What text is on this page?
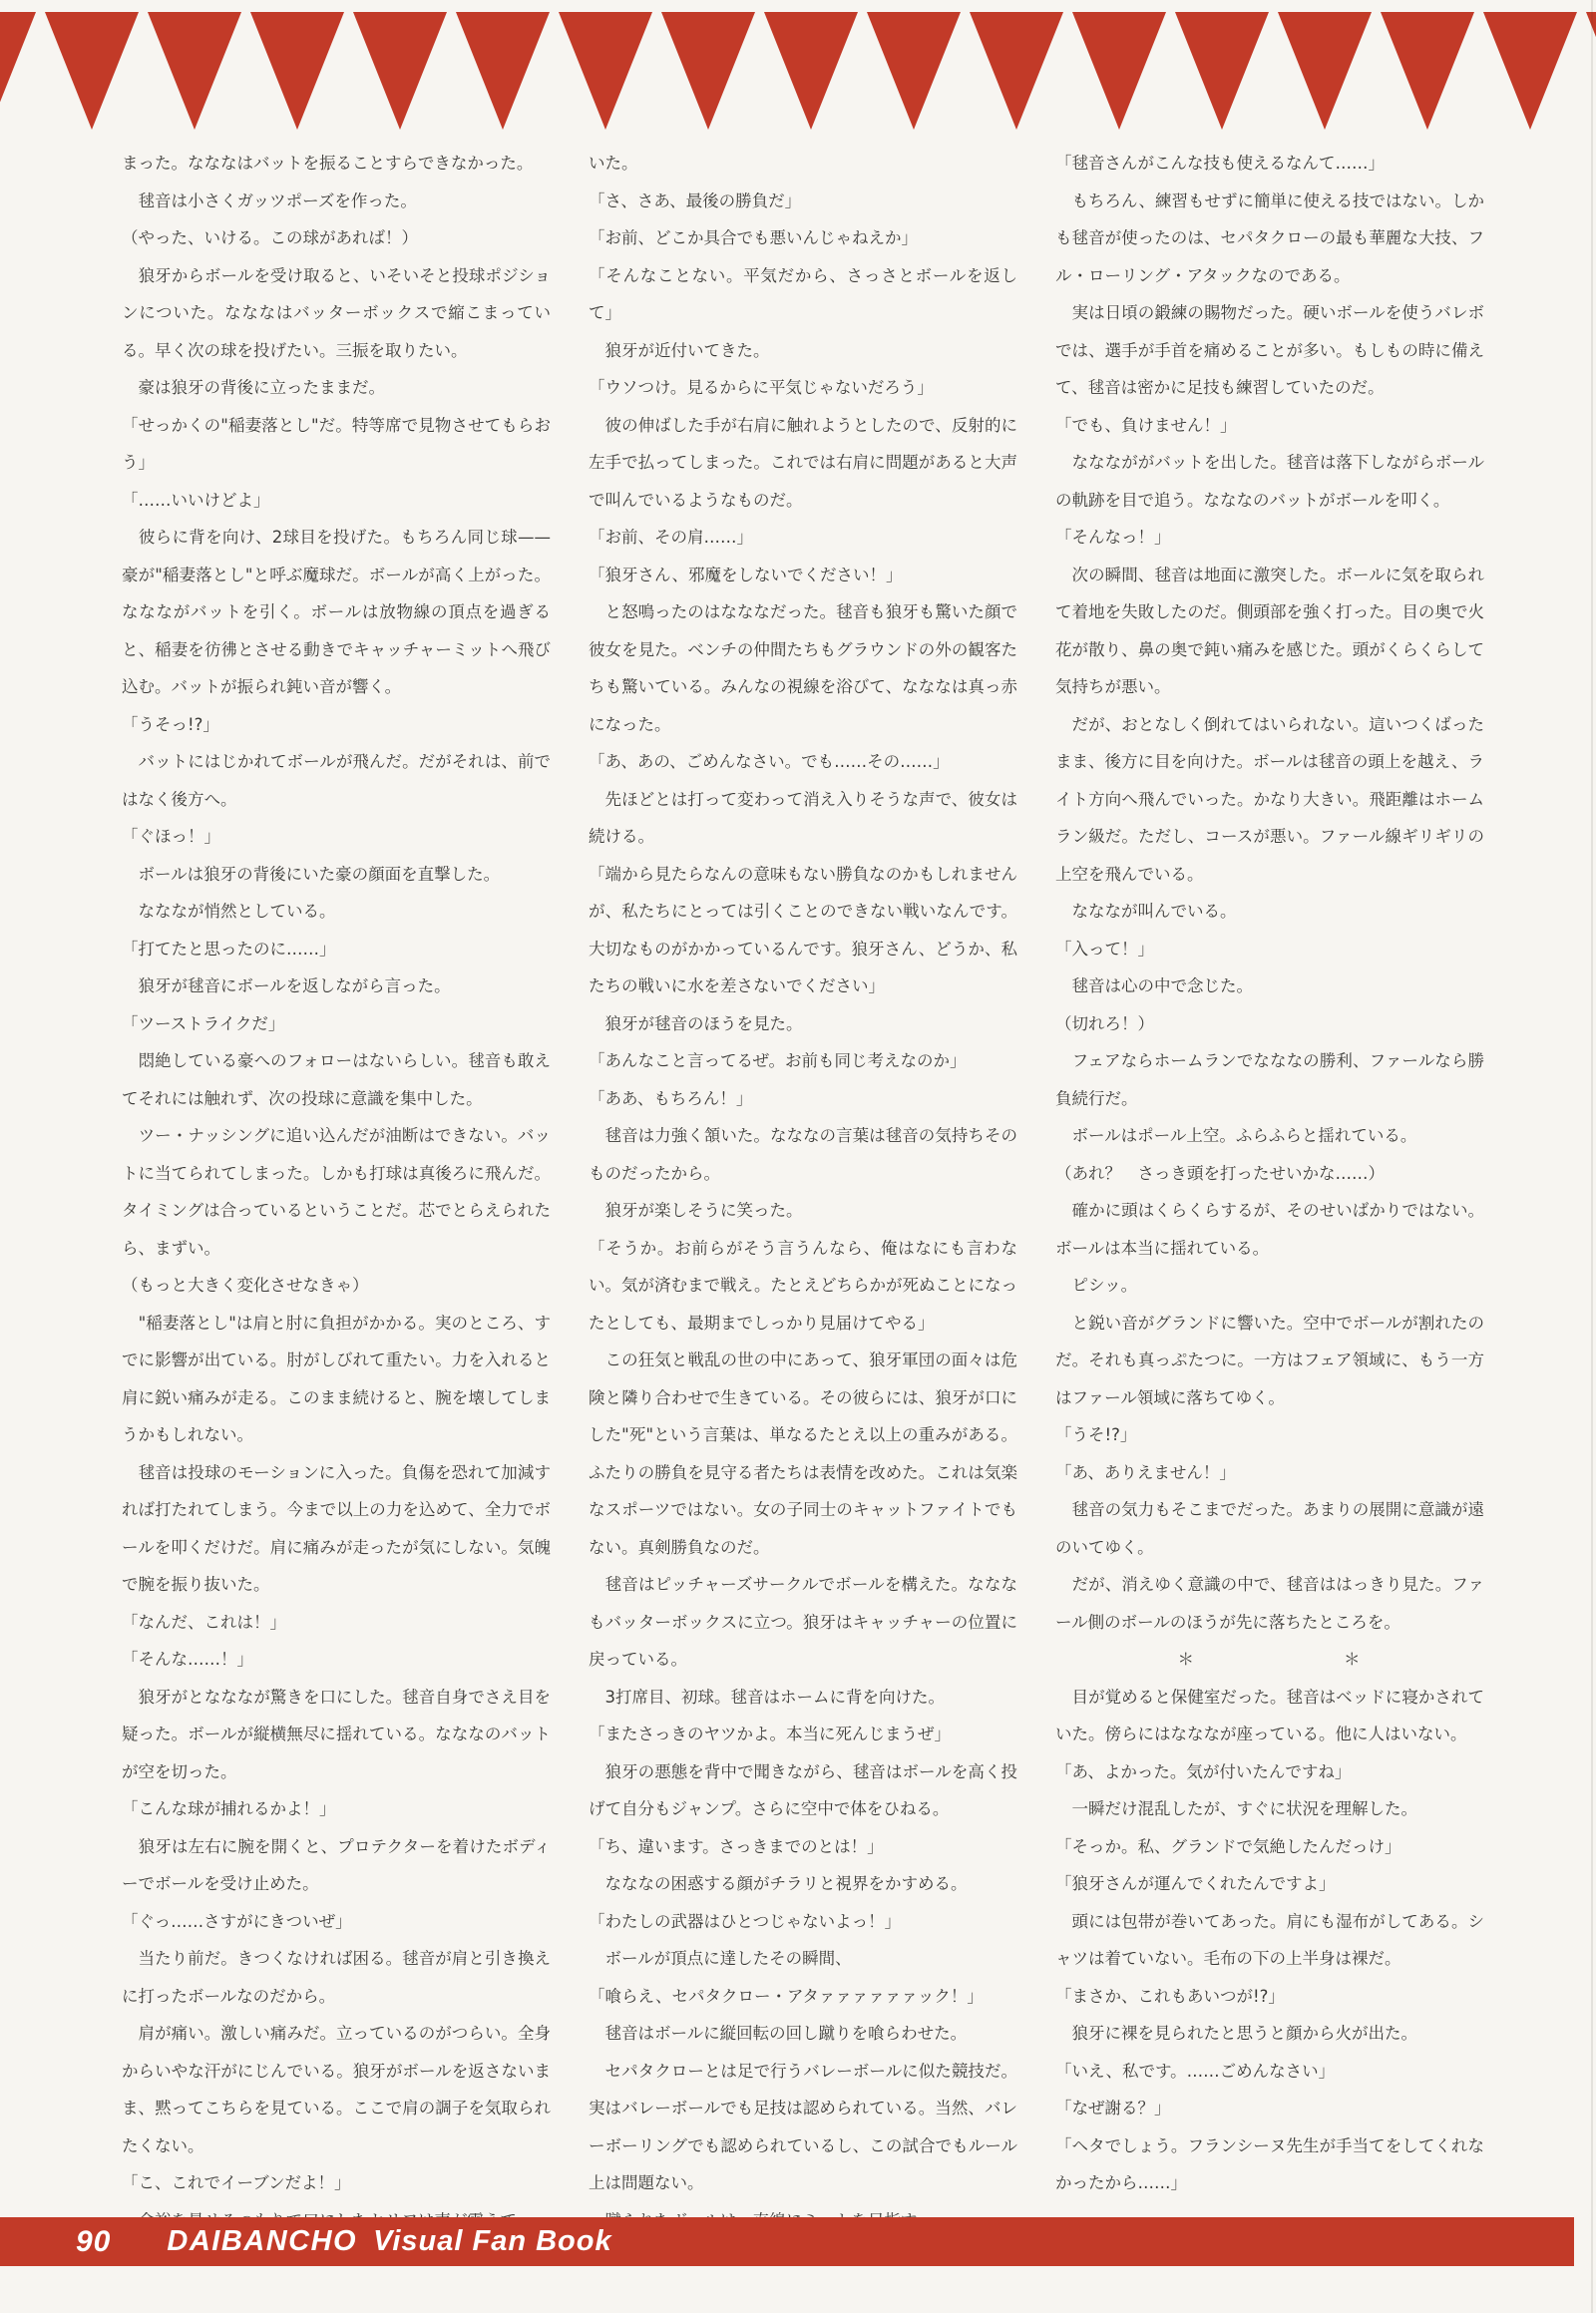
まった。なななはバットを振ることすらできなかった。

　毬音は小さくガッツポーズを作った。

（やった、いける。この球があれば！）

　狼牙からボールを受け取ると、いそいそと投球ポジションについた。なななはバッターボックスで縮こまっている。早く次の球を投げたい。三振を取りたい。

　豪は狼牙の背後に立ったままだ。

「せっかくの"稲妻落とし"だ。特等席で見物させてもらおう」

「……いいけどよ」

　彼らに背を向け、2球目を投げた。もちろん同じ球——豪が"稲妻落とし"と呼ぶ魔球だ。ボールが高く上がった。ななながバットを引く。ボールは放物線の頂点を過ぎると、稲妻を彷彿とさせる動きでキャッチャーミットへ飛び込む。バットが振られ鈍い音が響く。

「うそっ!?」

　バットにはじかれてボールが飛んだ。だがそれは、前ではなく後方へ。

「ぐほっ！」

　ボールは狼牙の背後にいた豪の顔面を直撃した。

　なななが悄然としている。

「打てたと思ったのに……」

　狼牙が毬音にボールを返しながら言った。

「ツーストライクだ」

　悶絶している豪へのフォローはないらしい。毬音も敢えてそれには触れず、次の投球に意識を集中した。

　ツー・ナッシングに追い込んだが油断はできない。バットに当てられてしまった。しかも打球は真後ろに飛んだ。タイミングは合っているということだ。芯でとらえられたら、まずい。

（もっと大きく変化させなきゃ）

　"稲妻落とし"は肩と肘に負担がかかる。実のところ、すでに影響が出ている。肘がしびれて重たい。力を入れると肩に鋭い痛みが走る。このまま続けると、腕を壊してしまうかもしれない。

　毬音は投球のモーションに入った。負傷を恐れて加減すれば打たれてしまう。今まで以上の力を込めて、全力でボールを叩くだけだ。肩に痛みが走ったが気にしない。気魄で腕を振り抜いた。

「なんだ、これは！」

「そんな……！」

　狼牙がとなななが驚きを口にした。毬音自身でさえ目を疑った。ボールが縦横無尽に揺れている。なななのバットが空を切った。

「こんな球が捕れるかよ！」

　狼牙は左右に腕を開くと、プロテクターを着けたボディーでボールを受け止めた。

「ぐっ……さすがにきついぜ」

　当たり前だ。きつくなければ困る。毬音が肩と引き換えに打ったボールなのだから。

　肩が痛い。激しい痛みだ。立っているのがつらい。全身からいやな汗がにじんでいる。狼牙がボールを返さないまま、黙ってこちらを見ている。ここで肩の調子を気取られたくない。

「こ、これでイーブンだよ！」

いた。

「さ、さあ、最後の勝負だ」

「お前、どこか具合でも悪いんじゃねえか」

「そんなことない。平気だから、さっさとボールを返して」

　狼牙が近付いてきた。

「ウソつけ。見るからに平気じゃないだろう」

　彼の伸ばした手が右肩に触れようとしたので、反射的に左手で払ってしまった。これでは右肩に問題があると大声で叫んでいるようなものだ。

「お前、その肩……」

「狼牙さん、邪魔をしないでください！」

　と怒鳴ったのはなななだった。毬音も狼牙も驚いた顔で彼女を見た。ベンチの仲間たちもグラウンドの外の観客たちも驚いている。みんなの視線を浴びて、なななは真っ赤になった。

「あ、あの、ごめんなさい。でも……その……」

　先ほどとは打って変わって消え入りそうな声で、彼女は続ける。

「端から見たらなんの意味もない勝負なのかもしれませんが、私たちにとっては引くことのできない戦いなんです。大切なものがかかっているんです。狼牙さん、どうか、私たちの戦いに水を差さないでください」

　狼牙が毬音のほうを見た。

「あんなこと言ってるぜ。お前も同じ考えなのか」

「ああ、もちろん！」

　毬音は力強く頷いた。なななの言葉は毬音の気持ちそのものだったから。

　狼牙が楽しそうに笑った。

「そうか。お前らがそう言うんなら、俺はなにも言わない。気が済むまで戦え。たとえどちらかが死ぬことになったとしても、最期までしっかり見届けてやる」

　この狂気と戦乱の世の中にあって、狼牙軍団の面々は危険と隣り合わせで生きている。その彼らには、狼牙が口にした"死"という言葉は、単なるたとえ以上の重みがある。ふたりの勝負を見守る者たちは表情を改めた。これは気楽なスポーツではない。女の子同士のキャットファイトでもない。真剣勝負なのだ。

　毬音はピッチャーズサークルでボールを構えた。なななもバッターボックスに立つ。狼牙はキャッチャーの位置に戻っている。

　3打席目、初球。毬音はホームに背を向けた。

「またさっきのヤツかよ。本当に死んじまうぜ」

　狼牙の悪態を背中で聞きながら、毬音はボールを高く投げて自分もジャンプ。さらに空中で体をひねる。

「ち、違います。さっきまでのとは！」

　なななの困惑する顔がチラリと視界をかすめる。

「わたしの武器はひとつじゃないよっ！」

　ボールが頂点に達したその瞬間、

「喰らえ、セパタクロー・アタァァァァァァック！」

　毬音はボールに縦回転の回し蹴りを喰らわせた。

　セパタクローとは足で行うバレーボールに似た競技だ。実はバレーボールでも足技は認められている。当然、バレーボーリングでも認められているし、この試合でもルール上は問題ない。

「毬音さんがこんな技も使えるなんて……」

　もちろん、練習もせずに簡単に使える技ではない。しかも毬音が使ったのは、セパタクローの最も華麗な大技、フル・ローリング・アタックなのである。

　実は日頃の鍛練の賜物だった。硬いボールを使うバレボでは、選手が手首を痛めることが多い。もしもの時に備えて、毬音は密かに足技も練習していたのだ。

「でも、負けません！」

　なななががバットを出した。毬音は落下しながらボールの軌跡を目で追う。なななのバットがボールを叩く。

「そんなっ！」

　次の瞬間、毬音は地面に激突した。ボールに気を取られて着地を失敗したのだ。側頭部を強く打った。目の奥で火花が散り、鼻の奥で鈍い痛みを感じた。頭がくらくらして気持ちが悪い。

　だが、おとなしく倒れてはいられない。這いつくばったまま、後方に目を向けた。ボールは毬音の頭上を越え、ライト方向へ飛んでいった。かなり大きい。飛距離はホームラン級だ。ただし、コースが悪い。ファール線ギリギリの上空を飛んでいる。

　なななが叫んでいる。

「入って！」

　毬音は心の中で念じた。

（切れろ！）

　フェアならホームランでなななの勝利、ファールなら勝負続行だ。

　ボールはポール上空。ふらふらと揺れている。

（あれ？　さっき頭を打ったせいかな……）

　確かに頭はくらくらするが、そのせいばかりではない。ボールは本当に揺れている。

　ピシッ。

　と鋭い音がグランドに響いた。空中でボールが割れたのだ。それも真っぷたつに。一方はフェア領域に、もう一方はファール領域に落ちてゆく。

「うそ!?」

「あ、ありえません！」

　毬音の気力もそこまでだった。あまりの展開に意識が遠のいてゆく。

　だが、消えゆく意識の中で、毬音ははっきり見た。ファール側のボールのほうが先に落ちたところを。

＊　　　　　　　　＊

　目が覚めると保健室だった。毬音はベッドに寝かされていた。傍らにはなななが座っている。他に人はいない。

「あ、よかった。気が付いたんですね」

　一瞬だけ混乱したが、すぐに状況を理解した。

「そっか。私、グランドで気絶したんだっけ」

「狼牙さんが運んでくれたんですよ」

　頭には包帯が巻いてあった。肩にも湿布がしてある。シャツは着ていない。毛布の下の上半身は裸だ。

「まさか、これもあいつが!?」

　狼牙に裸を見られたと思うと顔から火が出た。

「いえ、私です。……ごめんなさい」

「なぜ謝る？」

「ヘタでしょう。フランシーヌ先生が手当てをしてくれなかったから……」

90 DAIBANCHO Visual Fan Book
